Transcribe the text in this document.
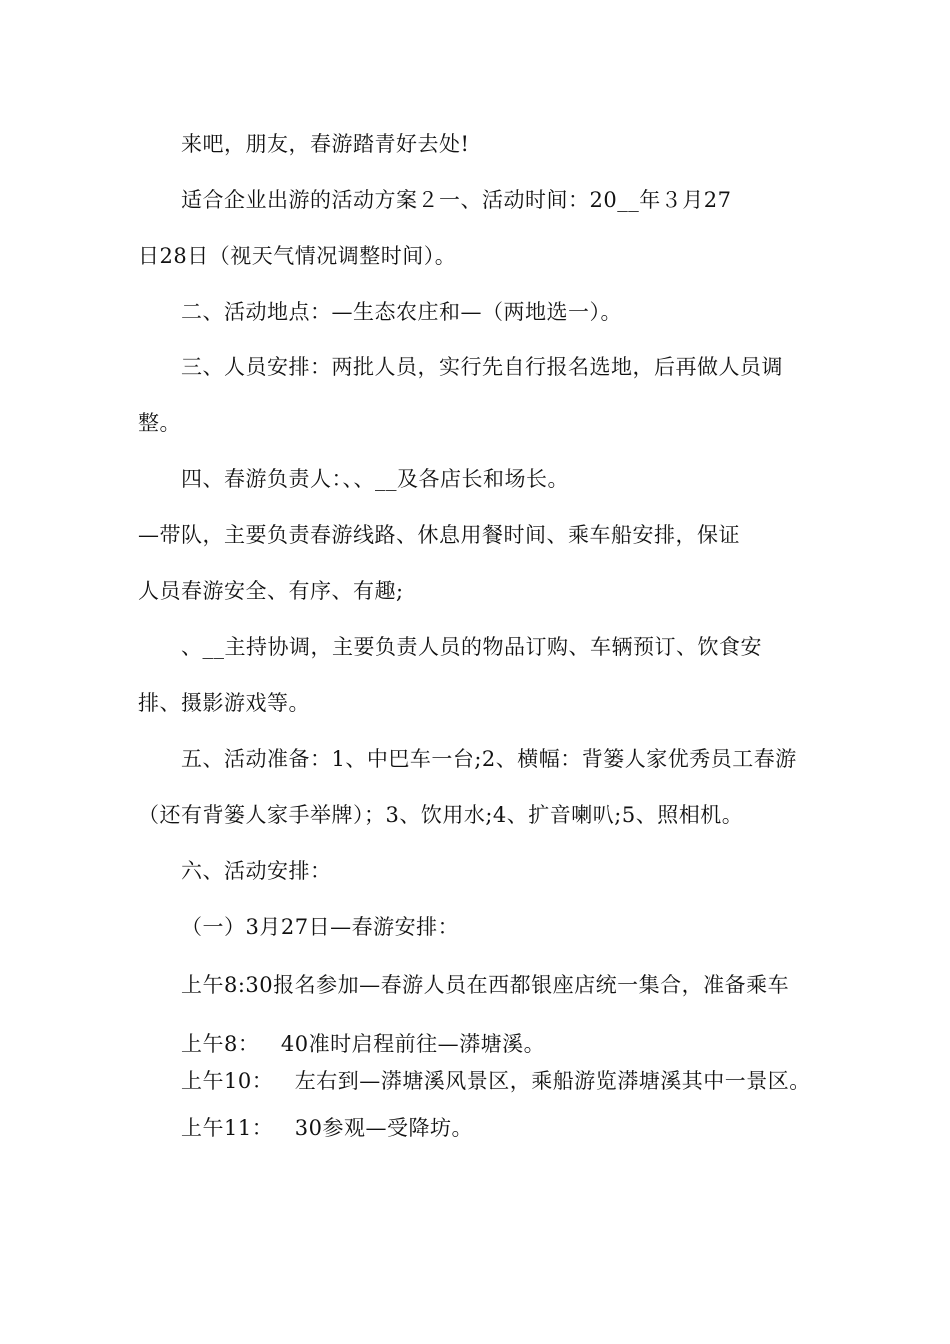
来吧，朋友，春游踏青好去处!
适合企业出游的活动方案２一、活动时间：20__年３月27
日28日（视天气情况调整时间）。
二、活动地点：—生态农庄和—（两地选一）。
三、人员安排：两批人员，实行先自行报名选地，后再做人员调
整。
四、春游负责人：、、__及各店长和场长。
—带队，主要负责春游线路、休息用餐时间、乘车船安排，保证
人员春游安全、有序、有趣;
、__主持协调，主要负责人员的物品订购、车辆预订、饮食安
排、摄影游戏等。
五、活动准备：1、中巴车一台;2、横幅：背篓人家优秀员工春游
（还有背篓人家手举牌）；3、饮用水;4、扩音喇叭;5、照相机。
六、活动安排：
（一）3月27日—春游安排：
上午8:30报名参加—春游人员在西都银座店统一集合，准备乘车
上午8：   40准时启程前往—漭塘溪。
上午10：   左右到—漭塘溪风景区，乘船游览漭塘溪其中一景区。
上午11：   30参观—受降坊。
